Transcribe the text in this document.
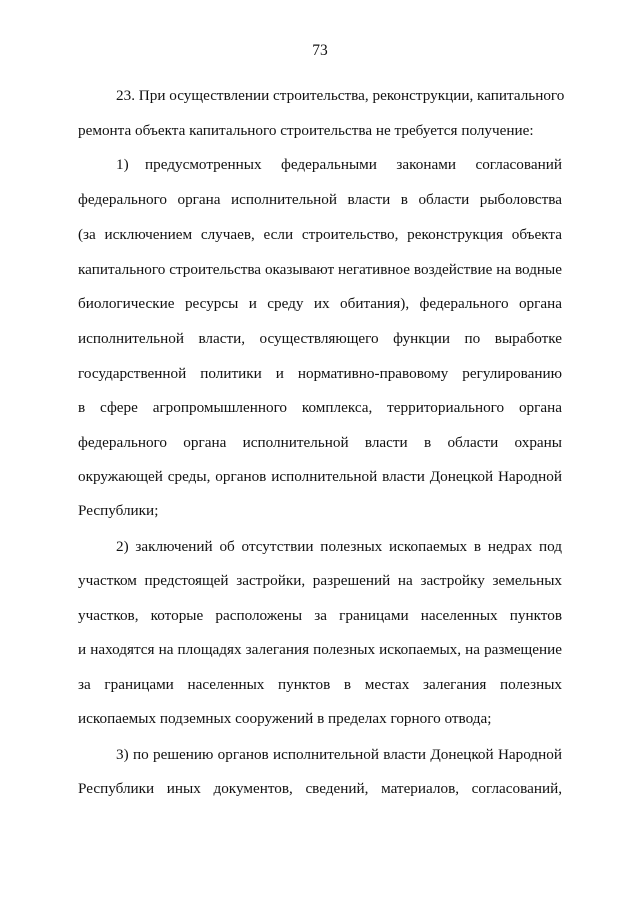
73
23. При осуществлении строительства, реконструкции, капитального
ремонта объекта капитального строительства не требуется получение:
1) предусмотренных федеральными законами согласований
федерального органа исполнительной власти в области рыболовства
(за исключением случаев, если строительство, реконструкция объекта
капитального строительства оказывают негативное воздействие на водные
биологические ресурсы и среду их обитания), федерального органа
исполнительной власти, осуществляющего функции по выработке
государственной политики и нормативно-правовому регулированию
в сфере агропромышленного комплекса, территориального органа
федерального органа исполнительной власти в области охраны
окружающей среды, органов исполнительной власти Донецкой Народной
Республики;
2) заключений об отсутствии полезных ископаемых в недрах под
участком предстоящей застройки, разрешений на застройку земельных
участков, которые расположены за границами населенных пунктов
и находятся на площадях залегания полезных ископаемых, на размещение
за границами населенных пунктов в местах залегания полезных
ископаемых подземных сооружений в пределах горного отвода;
3) по решению органов исполнительной власти Донецкой Народной
Республики иных документов, сведений, материалов, согласований,
